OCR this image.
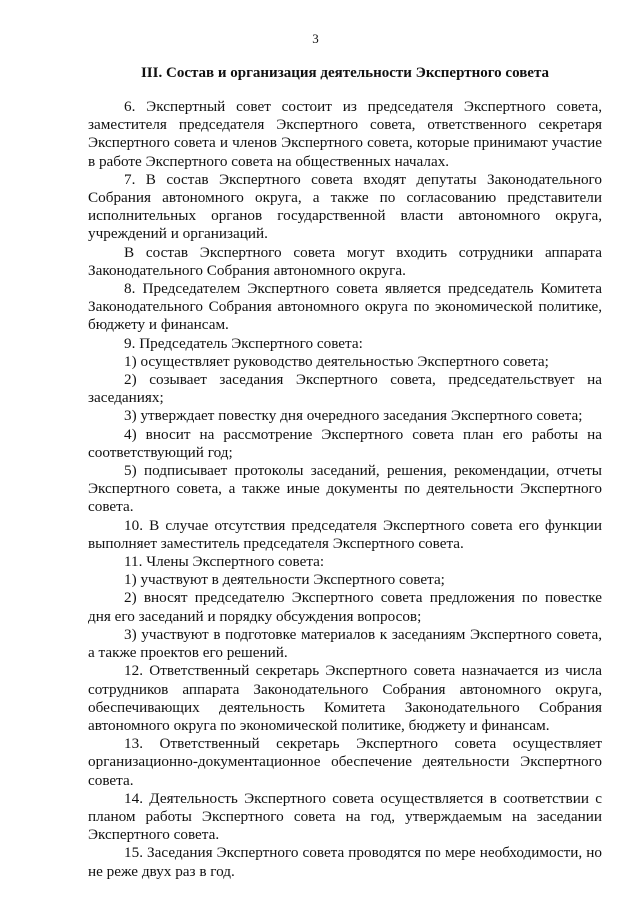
3
III. Состав и организация деятельности Экспертного совета

6. Экспертный совет состоит из председателя Экспертного совета, заместителя председателя Экспертного совета, ответственного секретаря Экспертного совета и членов Экспертного совета, которые принимают участие в работе Экспертного совета на общественных началах.

7. В состав Экспертного совета входят депутаты Законодательного Собрания автономного округа, а также по согласованию представители исполнительных органов государственной власти автономного округа, учреждений и организаций.

В состав Экспертного совета могут входить сотрудники аппарата Законодательного Собрания автономного округа.

8. Председателем Экспертного совета является председатель Комитета Законодательного Собрания автономного округа по экономической политике, бюджету и финансам.

9. Председатель Экспертного совета:

1) осуществляет руководство деятельностью Экспертного совета;

2) созывает заседания Экспертного совета, председательствует на заседаниях;

3) утверждает повестку дня очередного заседания Экспертного совета;

4) вносит на рассмотрение Экспертного совета план его работы на соответствующий год;

5) подписывает протоколы заседаний, решения, рекомендации, отчеты Экспертного совета, а также иные документы по деятельности Экспертного совета.

10. В случае отсутствия председателя Экспертного совета его функции выполняет заместитель председателя Экспертного совета.

11. Члены Экспертного совета:

1) участвуют в деятельности Экспертного совета;

2) вносят председателю Экспертного совета предложения по повестке дня его заседаний и порядку обсуждения вопросов;

3) участвуют в подготовке материалов к заседаниям Экспертного совета, а также проектов его решений.

12. Ответственный секретарь Экспертного совета назначается из числа сотрудников аппарата Законодательного Собрания автономного округа, обеспечивающих деятельность Комитета Законодательного Собрания автономного округа по экономической политике, бюджету и финансам.

13. Ответственный секретарь Экспертного совета осуществляет организационно-документационное обеспечение деятельности Экспертного совета.

14. Деятельность Экспертного совета осуществляется в соответствии с планом работы Экспертного совета на год, утверждаемым на заседании Экспертного совета.

15. Заседания Экспертного совета проводятся по мере необходимости, но не реже двух раз в год.
